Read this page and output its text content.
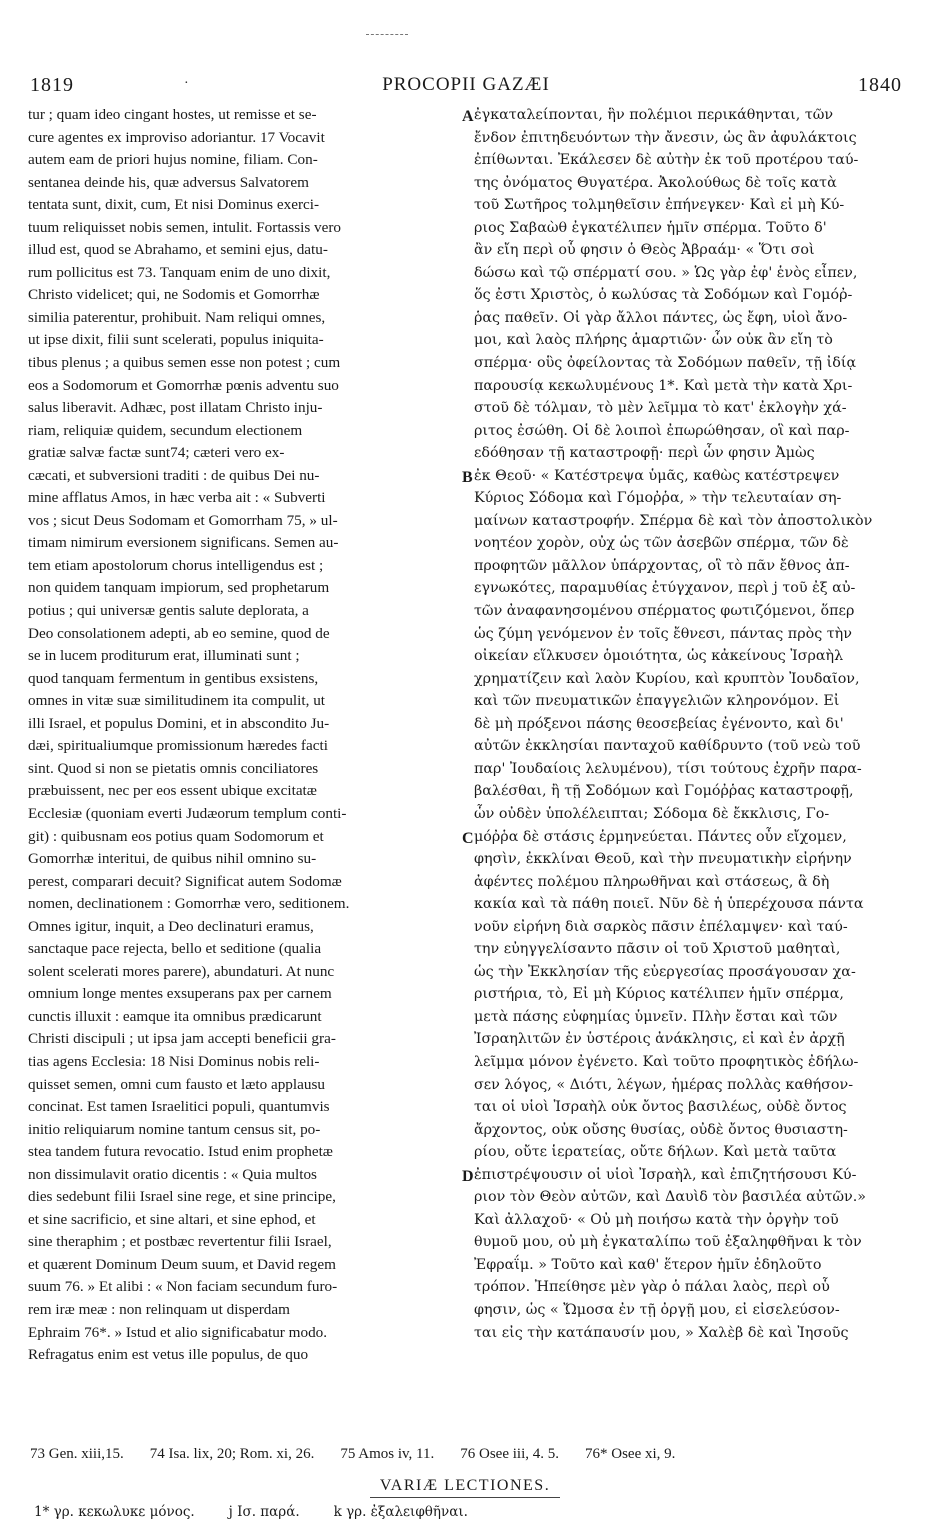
1819	·	PROCOPII GAZÆI	1840
tur ; quam ideo cingant hostes, ut remisse et se-
cure agentes ex improviso adoriantur. 17 Vocavit
autem eam de priori hujus nomine, filiam. Con-
sentanea deinde his, quæ adversus Salvatorem
tentata sunt, dixit, cum, Et nisi Dominus exerci-
tuum reliquisset nobis semen, intulit. Fortassis vero
illud est, quod se Abrahamo, et semini ejus, datu-
rum pollicitus est 73. Tanquam enim de uno dixit,
Christo videlicet; qui, ne Sodomis et Gomorrhæ
similia paterentur, prohibuit. Nam reliqui omnes,
ut ipse dixit, filii sunt scelerati, populus iniquita-
tibus plenus ; a quibus semen esse non potest ; cum
eos a Sodomorum et Gomorrhæ pœnis adventu suo
salus liberavit. Adhæc, post illatam Christo inju-
riam, reliquiæ quidem, secundum electionem
gratiæ salvæ factæ sunt74; cæteri vero ex-
cæcati, et subversioni traditi : de quibus Dei nu-
mine afflatus Amos, in hæc verba ait : « Subverti
vos ; sicut Deus Sodomam et Gomorrham 75, » ul-
timam nimirum eversionem significans. Semen au-
tem etiam apostolorum chorus intelligendus est ;
non quidem tanquam impiorum, sed prophetarum
potius ; qui universæ gentis salute deplorata, a
Deo consolationem adepti, ab eo semine, quod de
se in lucem proditurum erat, illuminati sunt ;
quod tanquam fermentum in gentibus exsistens,
omnes in vitæ suæ similitudinem ita compulit, ut
illi Israel, et populus Domini, et in abscondito Ju-
dæi, spiritualiumque promissionum hæredes facti
sint. Quod si non se pietatis omnis conciliatores
præbuissent, nec per eos essent ubique excitatæ
Ecclesiæ (quoniam everti Judæorum templum conti-
git) : quibusnam eos potius quam Sodomorum et
Gomorrhæ interitui, de quibus nihil omnino su-
perest, comparari decuit? Significat autem Sodomæ
nomen, declinationem : Gomorrhæ vero, seditionem.
Omnes igitur, inquit, a Deo declinaturi eramus,
sanctaque pace rejecta, bello et seditione (qualia
solent scelerati mores parere), abundaturi. At nunc
omnium longe mentes exsuperans pax per carnem
cunctis illuxit : eamque ita omnibus prædicarunt
Christi discipuli ; ut ipsa jam accepti beneficii gra-
tias agens Ecclesia: 18 Nisi Dominus nobis reli-
quisset semen, omni cum fausto et læto applausu
concinat. Est tamen Israelitici populi, quantumvis
initio reliquiarum nomine tantum census sit, po-
stea tandem futura revocatio. Istud enim prophetæ
non dissimulavit oratio dicentis : « Quia multos
dies sedebunt filii Israel sine rege, et sine principe,
et sine sacrificio, et sine altari, et sine ephod, et
sine theraphim ; et postbæc revertentur filii Israel,
et quærent Dominum Deum suum, et David regem
suum 76. » Et alibi : « Non faciam secundum furo-
rem iræ meæ : non relinquam ut disperdam
Ephraim 76*. » Istud et alio significabatur modo.
Refragatus enim est vetus ille populus, de quo
ἐγκαταλείπονται, ἣν πολέμιοι περικάθηνται, τῶν
ἔνδον ἐπιτηδευόντων τὴν ἄνεσιν, ὡς ἂν ἀφυλάκτοις
ἐπίθωνται. Ἐκάλεσεν δὲ αὐτὴν ἐκ τοῦ προτέρου ταύ-
της ὀνόματος Θυγατέρα. Ἀκολούθως δὲ τοῖς κατὰ
τοῦ Σωτῆρος τολμηθεῖσιν ἐπήνεγκεν· Καὶ εἰ μὴ Κύ-
ριος Σαβαὼθ ἐγκατέλιπεν ἡμῖν σπέρμα. Τοῦτο δ'
ἂν εἴη περὶ οὗ φησιν ὁ Θεὸς Ἀβραάμ· « Ὅτι σοὶ
δώσω καὶ τῷ σπέρματί σου. » Ὡς γὰρ ἐφ' ἑνὸς εἶπεν,
ὅς ἐστι Χριστὸς, ὁ κωλύσας τὰ Σοδόμων καὶ Γομόῤ-
ῥας παθεῖν. Οἱ γὰρ ἄλλοι πάντες, ὡς ἔφη, υἱοὶ ἄνο-
μοι, καὶ λαὸς πλήρης ἁμαρτιῶν· ὧν οὐκ ἂν εἴη τὸ
σπέρμα· οὓς ὀφείλοντας τὰ Σοδόμων παθεῖν, τῇ ἰδίᾳ
παρουσίᾳ κεκωλυμένους 1*. Καὶ μετὰ τὴν κατὰ Χρι-
στοῦ δὲ τόλμαν, τὸ μὲν λεῖμμα τὸ κατ' ἐκλογὴν χά-
ριτος ἐσώθη. Οἱ δὲ λοιποὶ ἐπωρώθησαν, οἳ καὶ παρ-
εδόθησαν τῇ καταστροφῇ· περὶ ὧν φησιν Ἀμὼς
ἐκ Θεοῦ· « Κατέστρεψα ὑμᾶς, καθὼς κατέστρεψεν
Κύριος Σόδομα καὶ Γόμοῤῥα, » τὴν τελευταίαν ση-
μαίνων καταστροφήν. Σπέρμα δὲ καὶ τὸν ἀποστολικὸν
νοητέον χορὸν, οὐχ ὡς τῶν ἀσεβῶν σπέρμα, τῶν δὲ
προφητῶν μᾶλλον ὑπάρχοντας, οἳ τὸ πᾶν ἔθνος ἀπ-
εγνωκότες, παραμυθίας ἐτύγχανον, περὶ j τοῦ ἐξ αὐ-
τῶν ἀναφανησομένου σπέρματος φωτιζόμενοι, ὅπερ
ὡς ζύμη γενόμενον ἐν τοῖς ἔθνεσι, πάντας πρὸς τὴν
οἰκείαν εἵλκυσεν ὁμοιότητα, ὡς κἀκείνους Ἰσραὴλ
χρηματίζειν καὶ λαὸν Κυρίου, καὶ κρυπτὸν Ἰουδαῖον,
καὶ τῶν πνευματικῶν ἐπαγγελιῶν κληρονόμον. Εἰ
δὲ μὴ πρόξενοι πάσης θεοσεβείας ἐγένοντο, καὶ δι'
αὐτῶν ἐκκλησίαι πανταχοῦ καθίδρυντο (τοῦ νεὼ τοῦ
παρ' Ἰουδαίοις λελυμένου), τίσι τούτους ἐχρῆν παρα-
βαλέσθαι, ἢ τῇ Σοδόμων καὶ Γομόῤῥας καταστροφῇ,
ὧν οὐδὲν ὑπολέλειπται; Σόδομα δὲ ἔκκλισις, Γο-
μόῤῥα δὲ στάσις ἑρμηνεύεται. Πάντες οὖν εἴχομεν,
φησὶν, ἐκκλίναι Θεοῦ, καὶ τὴν πνευματικὴν εἰρήνην
ἀφέντες πολέμου πληρωθῆναι καὶ στάσεως, ἃ δὴ
κακία καὶ τὰ πάθη ποιεῖ. Νῦν δὲ ἡ ὑπερέχουσα πάντα
νοῦν εἰρήνη διὰ σαρκὸς πᾶσιν ἐπέλαμψεν· καὶ ταύ-
την εὐηγγελίσαντο πᾶσιν οἱ τοῦ Χριστοῦ μαθηταὶ,
ὡς τὴν Ἐκκλησίαν τῆς εὐεργεσίας προσάγουσαν χα-
ριστήρια, τὸ, Εἰ μὴ Κύριος κατέλιπεν ἡμῖν σπέρμα,
μετὰ πάσης εὐφημίας ὑμνεῖν. Πλὴν ἔσται καὶ τῶν
Ἰσραηλιτῶν ἐν ὑστέροις ἀνάκλησις, εἰ καὶ ἐν ἀρχῇ
λεῖμμα μόνον ἐγένετο. Καὶ τοῦτο προφητικὸς ἐδήλω-
σεν λόγος, « Διότι, λέγων, ἡμέρας πολλὰς καθήσον-
ται οἱ υἱοὶ Ἰσραὴλ οὐκ ὄντος βασιλέως, οὐδὲ ὄντος
ἄρχοντος, οὐκ οὔσης θυσίας, οὐδὲ ὄντος θυσιαστη-
ρίου, οὔτε ἱερατείας, οὔτε δήλων. Καὶ μετὰ ταῦτα
ἐπιστρέψουσιν οἱ υἱοὶ Ἰσραὴλ, καὶ ἐπιζητήσουσι Κύ-
ριον τὸν Θεὸν αὐτῶν, καὶ Δαυὶδ τὸν βασιλέα αὐτῶν.»
Καὶ ἀλλαχοῦ· « Οὐ μὴ ποιήσω κατὰ τὴν ὀργὴν τοῦ
θυμοῦ μου, οὐ μὴ ἐγκαταλίπω τοῦ ἐξαληφθῆναι k τὸν
Ἐφραΐμ. » Τοῦτο καὶ καθ' ἕτερον ἡμῖν ἐδηλοῦτο
τρόπον. Ἠπείθησε μὲν γὰρ ὁ πάλαι λαὸς, περὶ οὗ
φησιν, ὡς « Ὤμοσα ἐν τῇ ὀργῇ μου, εἰ εἰσελεύσον-
ται εἰς τὴν κατάπαυσίν μου, » Χαλὲβ δὲ καὶ Ἰησοῦς
A
B
C
D
73 Gen. xiii,15. 74 Isa. lix, 20; Rom. xi, 26. 75 Amos iv, 11. 76 Osee iii, 4. 5. 76* Osee xi, 9.
VARIÆ LECTIONES.
1* γρ. κεκωλυκε μόνος.	j Ισ. παρά.	k γρ. ἐξαλειφθῆναι.
